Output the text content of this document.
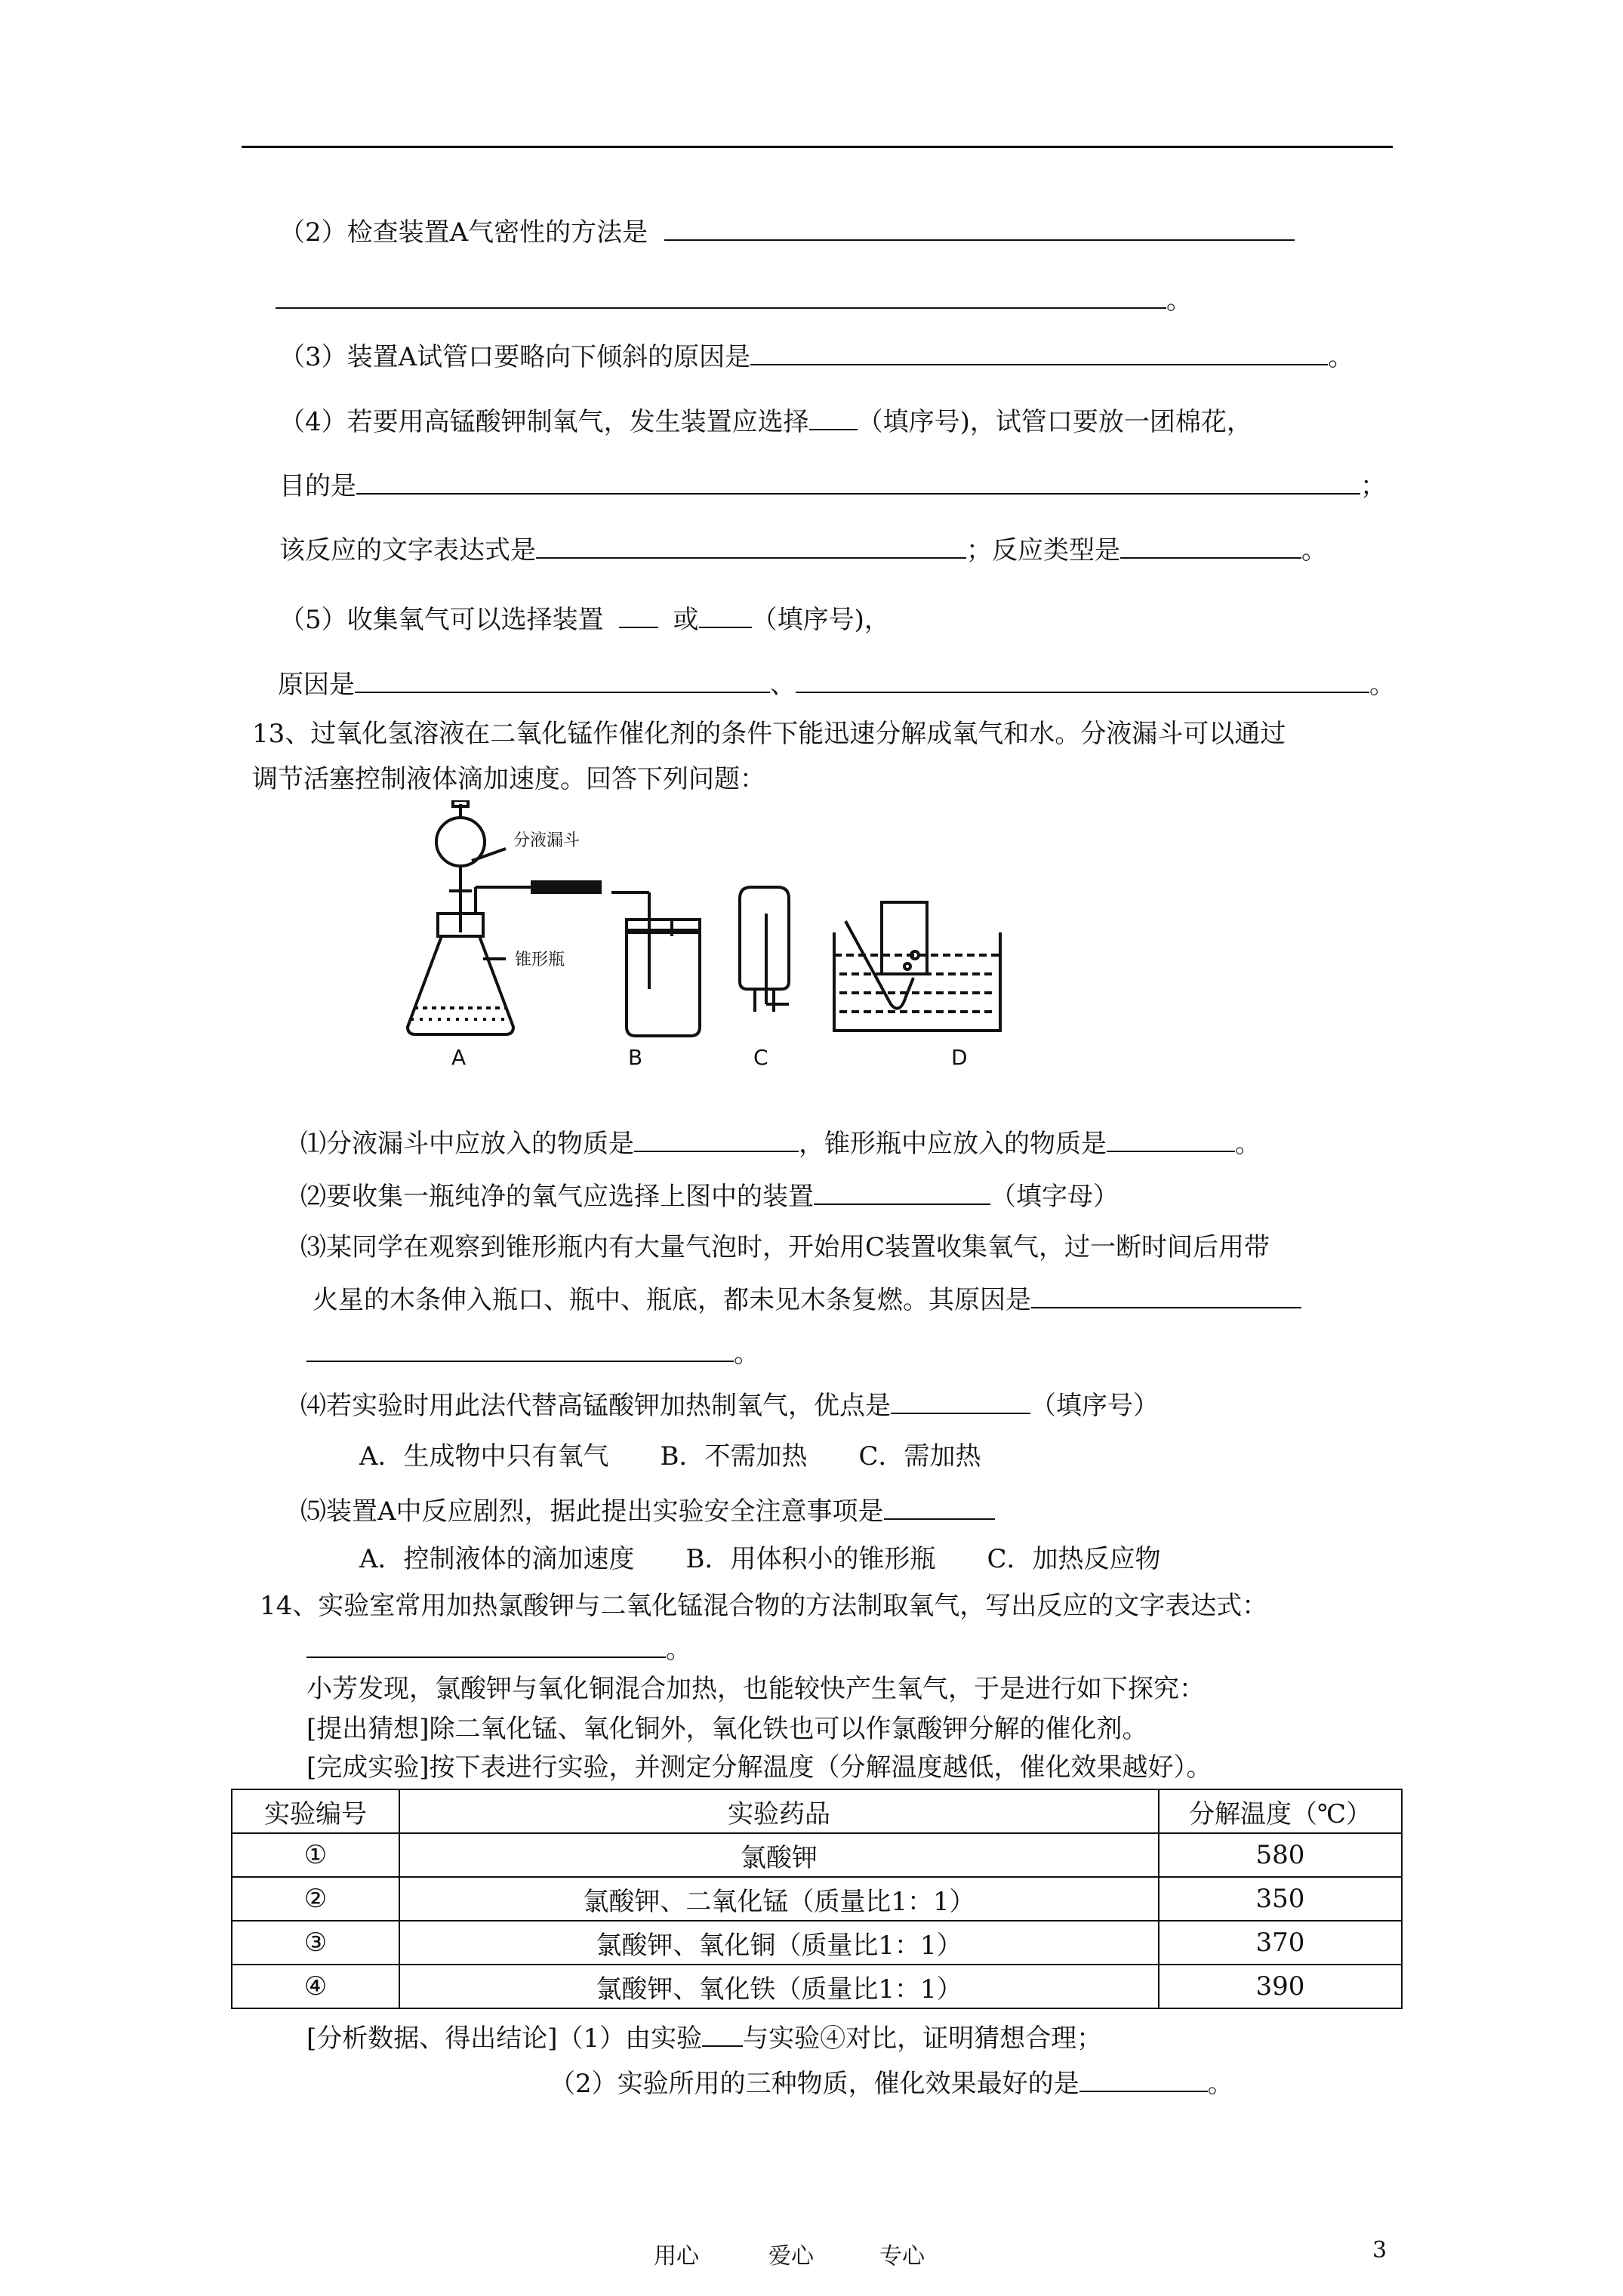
（2）检查装置A气密性的方法是
。
（3）装置A试管口要略向下倾斜的原因是	。
（4）若要用高锰酸钾制氧气，发生装置应选择 （填序号)，试管口要放一团棉花，
目的是	；
该反应的文字表达式是	；反应类型是	。
（5）收集氧气可以选择装置	或 （填序号)，
原因是	、	。
13、过氧化氢溶液在二氧化锰作催化剂的条件下能迅速分解成氧气和水。分液漏斗可以通过
调节活塞控制液体滴加速度。回答下列问题：
分液漏斗
锥形瓶
A	B	C	D
⑴分液漏斗中应放入的物质是	，锥形瓶中应放入的物质是	。
⑵要收集一瓶纯净的氧气应选择上图中的装置	（填字母）
⑶某同学在观察到锥形瓶内有大量气泡时，开始用C装置收集氧气，过一断时间后用带
火星的木条伸入瓶口、瓶中、瓶底，都未见木条复燃。其原因是
。
⑷若实验时用此法代替高锰酸钾加热制氧气，优点是	（填序号）
A．生成物中只有氧气　　B．不需加热　　C．需加热
⑸装置A中反应剧烈，据此提出实验安全注意事项是
A．控制液体的滴加速度　　B．用体积小的锥形瓶　　C．加热反应物
14、实验室常用加热氯酸钾与二氧化锰混合物的方法制取氧气，写出反应的文字表达式：
。
小芳发现，氯酸钾与氧化铜混合加热，也能较快产生氧气，于是进行如下探究：
[提出猜想]除二氧化锰、氧化铜外，氧化铁也可以作氯酸钾分解的催化剂。
[完成实验]按下表进行实验，并测定分解温度（分解温度越低，催化效果越好）。
实验编号	实验药品	分解温度（℃）
①	氯酸钾	580
②	氯酸钾、二氧化锰（质量比1：1）	350
③	氯酸钾、氧化铜（质量比1：1）	370
④	氯酸钾、氧化铁（质量比1：1）	390
[分析数据、得出结论]（1）由实验 与实验④对比，证明猜想合理；
（2）实验所用的三种物质，催化效果最好的是	。
用心	爱心	专心	3
